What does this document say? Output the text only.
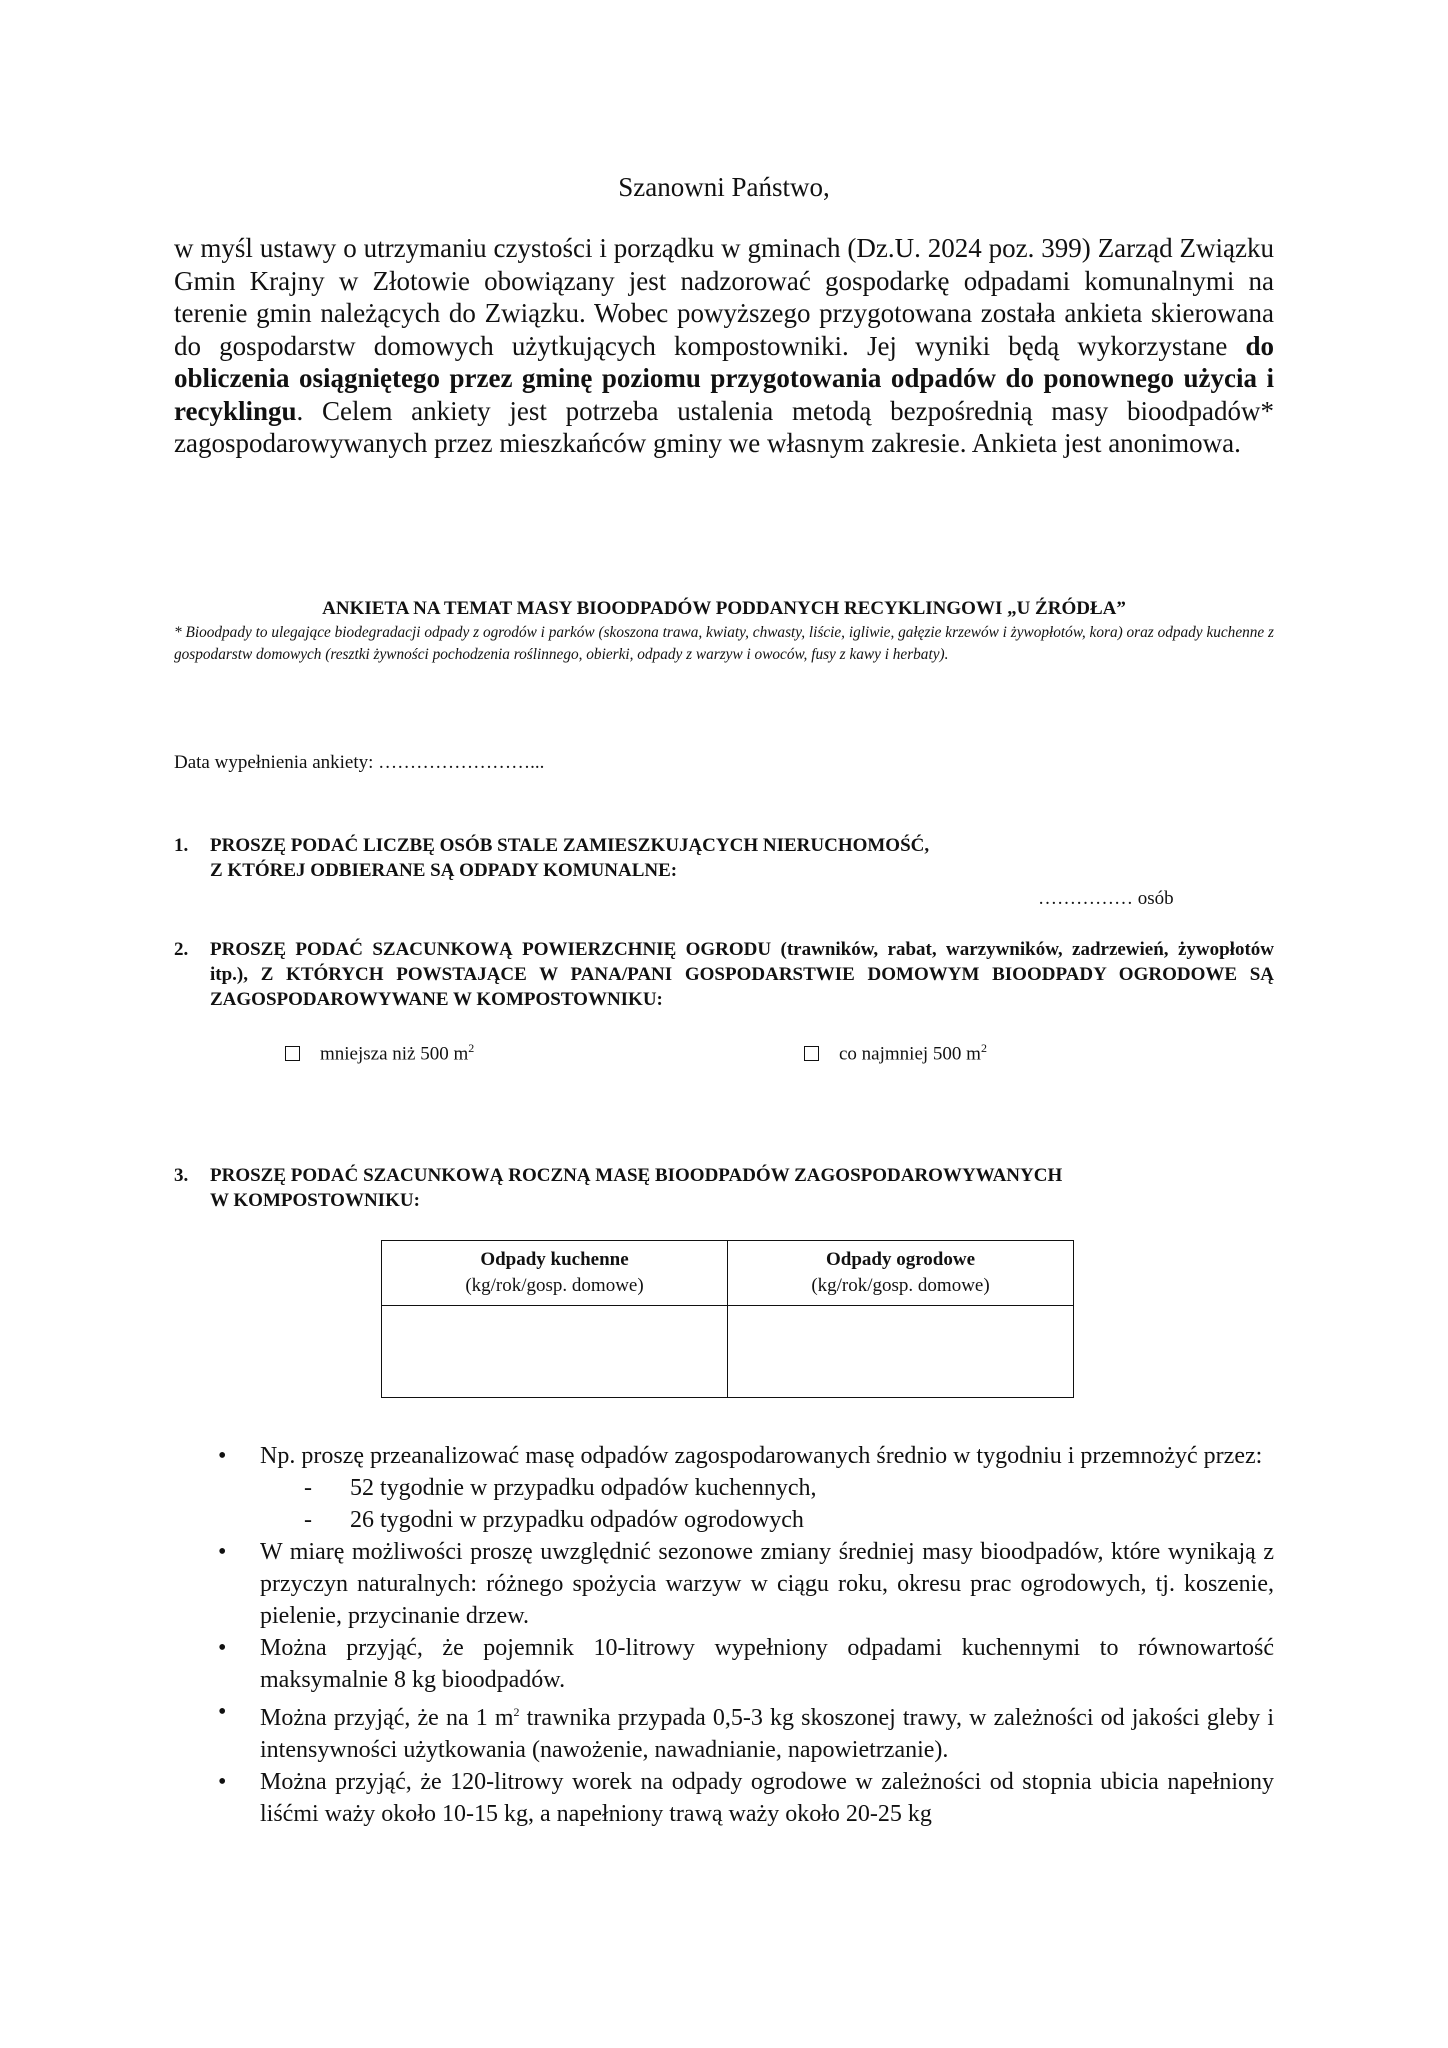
Szanowni Państwo,

w myśl ustawy o utrzymaniu czystości i porządku w gminach (Dz.U. 2024 poz. 399) Zarząd Związku Gmin Krajny w Złotowie obowiązany jest nadzorować gospodarkę odpadami komunalnymi na terenie gmin należących do Związku. Wobec powyższego przygotowana została ankieta skierowana do gospodarstw domowych użytkujących kompostowniki. Jej wyniki będą wykorzystane do obliczenia osiągniętego przez gminę poziomu przygotowania odpadów do ponownego użycia i recyklingu. Celem ankiety jest potrzeba ustalenia metodą bezpośrednią masy bioodpadów* zagospodarowywanych przez mieszkańców gminy we własnym zakresie. Ankieta jest anonimowa.

ANKIETA NA TEMAT MASY BIOODPADÓW PODDANYCH RECYKLINGOWI „U ŹRÓDŁA”

* Bioodpady to ulegające biodegradacji odpady z ogrodów i parków (skoszona trawa, kwiaty, chwasty, liście, igliwie, gałęzie krzewów i żywopłotów, kora) oraz odpady kuchenne z gospodarstw domowych (resztki żywności pochodzenia roślinnego, obierki, odpady z warzyw i owoców, fusy z kawy i herbaty).

Data wypełnienia ankiety: ……………………...
1. PROSZĘ PODAĆ LICZBĘ OSÓB STALE ZAMIESZKUJĄCYCH NIERUCHOMOŚĆ,
Z KTÓREJ ODBIERANE SĄ ODPADY KOMUNALNE:
…………… osób
2. PROSZĘ PODAĆ SZACUNKOWĄ POWIERZCHNIĘ OGRODU (trawników, rabat, warzywników, zadrzewień, żywopłotów itp.), Z KTÓRYCH POWSTAJĄCE W PANA/PANI GOSPODARSTWIE DOMOWYM BIOODPADY OGRODOWE SĄ ZAGOSPODAROWYWANE W KOMPOSTOWNIKU:
mniejsza niż 500 $m^2$	co najmniej 500 $m^2$
3. PROSZĘ PODAĆ SZACUNKOWĄ ROCZNĄ MASĘ BIOODPADÓW ZAGOSPODAROWYWANYCH
W KOMPOSTOWNIKU:
Odpady kuchenne
(kg/rok/gosp. domowe)	Odpady ogrodowe
(kg/rok/gosp. domowe)

• Np. proszę przeanalizować masę odpadów zagospodarowanych średnio w tygodniu i przemnożyć przez:
- 52 tygodnie w przypadku odpadów kuchennych,
- 26 tygodni w przypadku odpadów ogrodowych
• W miarę możliwości proszę uwzględnić sezonowe zmiany średniej masy bioodpadów, które wynikają z przyczyn naturalnych: różnego spożycia warzyw w ciągu roku, okresu prac ogrodowych, tj. koszenie, pielenie, przycinanie drzew.
• Można przyjąć, że pojemnik 10-litrowy wypełniony odpadami kuchennymi to równowartość maksymalnie 8 kg bioodpadów.
• Można przyjąć, że na 1 $m^2$ trawnika przypada 0,5-3 kg skoszonej trawy, w zależności od jakości gleby i intensywności użytkowania (nawożenie, nawadnianie, napowietrzanie).
• Można przyjąć, że 120-litrowy worek na odpady ogrodowe w zależności od stopnia ubicia napełniony liśćmi waży około 10-15 kg, a napełniony trawą waży około 20-25 kg
